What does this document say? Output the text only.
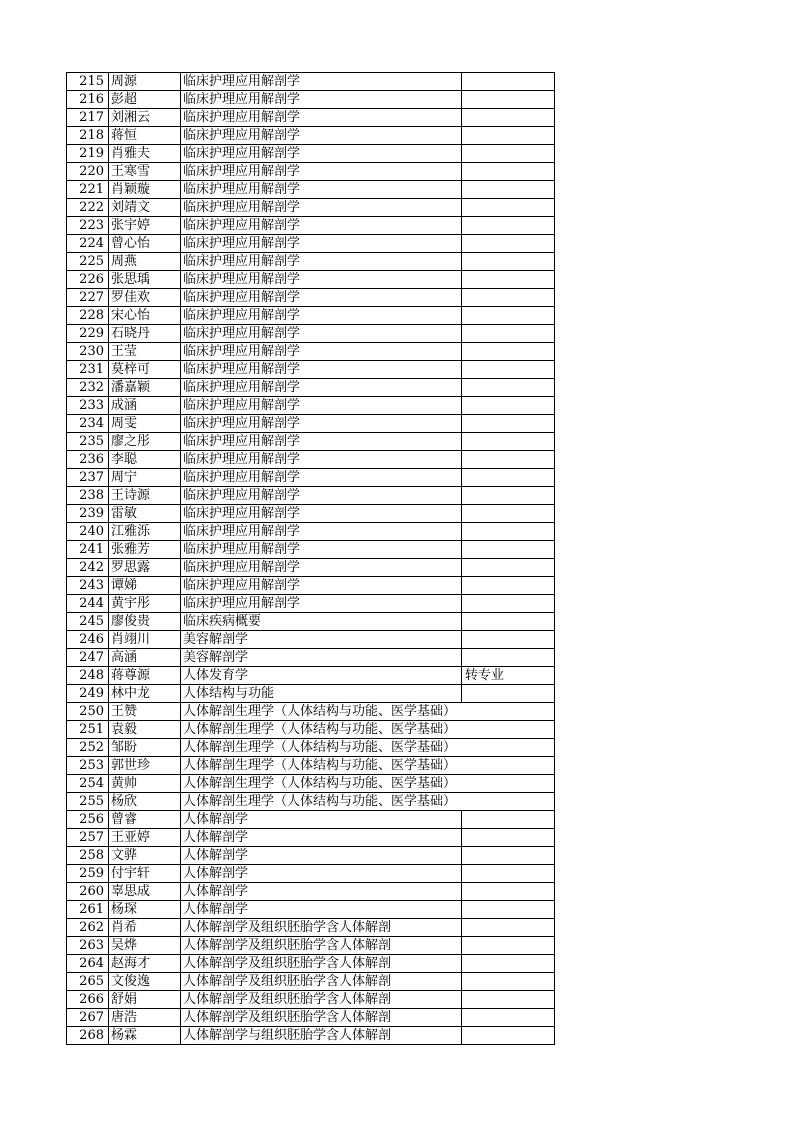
215	周源	临床护理应用解剖学	
216	彭超	临床护理应用解剖学	
217	刘湘云	临床护理应用解剖学	
218	蒋恒	临床护理应用解剖学	
219	肖雅夫	临床护理应用解剖学	
220	王寒雪	临床护理应用解剖学	
221	肖颖璇	临床护理应用解剖学	
222	刘靖文	临床护理应用解剖学	
223	张宇婷	临床护理应用解剖学	
224	曾心怡	临床护理应用解剖学	
225	周燕	临床护理应用解剖学	
226	张思瑀	临床护理应用解剖学	
227	罗佳欢	临床护理应用解剖学	
228	宋心怡	临床护理应用解剖学	
229	石晓丹	临床护理应用解剖学	
230	王莹	临床护理应用解剖学	
231	莫梓可	临床护理应用解剖学	
232	潘嘉颖	临床护理应用解剖学	
233	成涵	临床护理应用解剖学	
234	周雯	临床护理应用解剖学	
235	廖之彤	临床护理应用解剖学	
236	李聪	临床护理应用解剖学	
237	周宁	临床护理应用解剖学	
238	王诗源	临床护理应用解剖学	
239	雷敏	临床护理应用解剖学	
240	江雅泺	临床护理应用解剖学	
241	张雅芳	临床护理应用解剖学	
242	罗思露	临床护理应用解剖学	
243	谭娣	临床护理应用解剖学	
244	黄宇彤	临床护理应用解剖学	
245	廖俊贵	临床疾病概要	
246	肖翊川	美容解剖学	
247	高涵	美容解剖学	
248	蒋尊源	人体发育学	转专业
249	林中龙	人体结构与功能	
250	王赞	人体解剖生理学（人体结构与功能、医学基础）	
251	袁毅	人体解剖生理学（人体结构与功能、医学基础）	
252	邹盼	人体解剖生理学（人体结构与功能、医学基础）	
253	郭世珍	人体解剖生理学（人体结构与功能、医学基础）	
254	黄帅	人体解剖生理学（人体结构与功能、医学基础）	
255	杨欣	人体解剖生理学（人体结构与功能、医学基础）	
256	曾睿	人体解剖学	
257	王亚婷	人体解剖学	
258	文骅	人体解剖学	
259	付宇轩	人体解剖学	
260	辜思成	人体解剖学	
261	杨琛	人体解剖学	
262	肖希	人体解剖学及组织胚胎学含人体解剖	
263	吴烨	人体解剖学及组织胚胎学含人体解剖	
264	赵海才	人体解剖学及组织胚胎学含人体解剖	
265	文俊逸	人体解剖学及组织胚胎学含人体解剖	
266	舒娟	人体解剖学及组织胚胎学含人体解剖	
267	唐浩	人体解剖学及组织胚胎学含人体解剖	
268	杨霖	人体解剖学与组织胚胎学含人体解剖	
